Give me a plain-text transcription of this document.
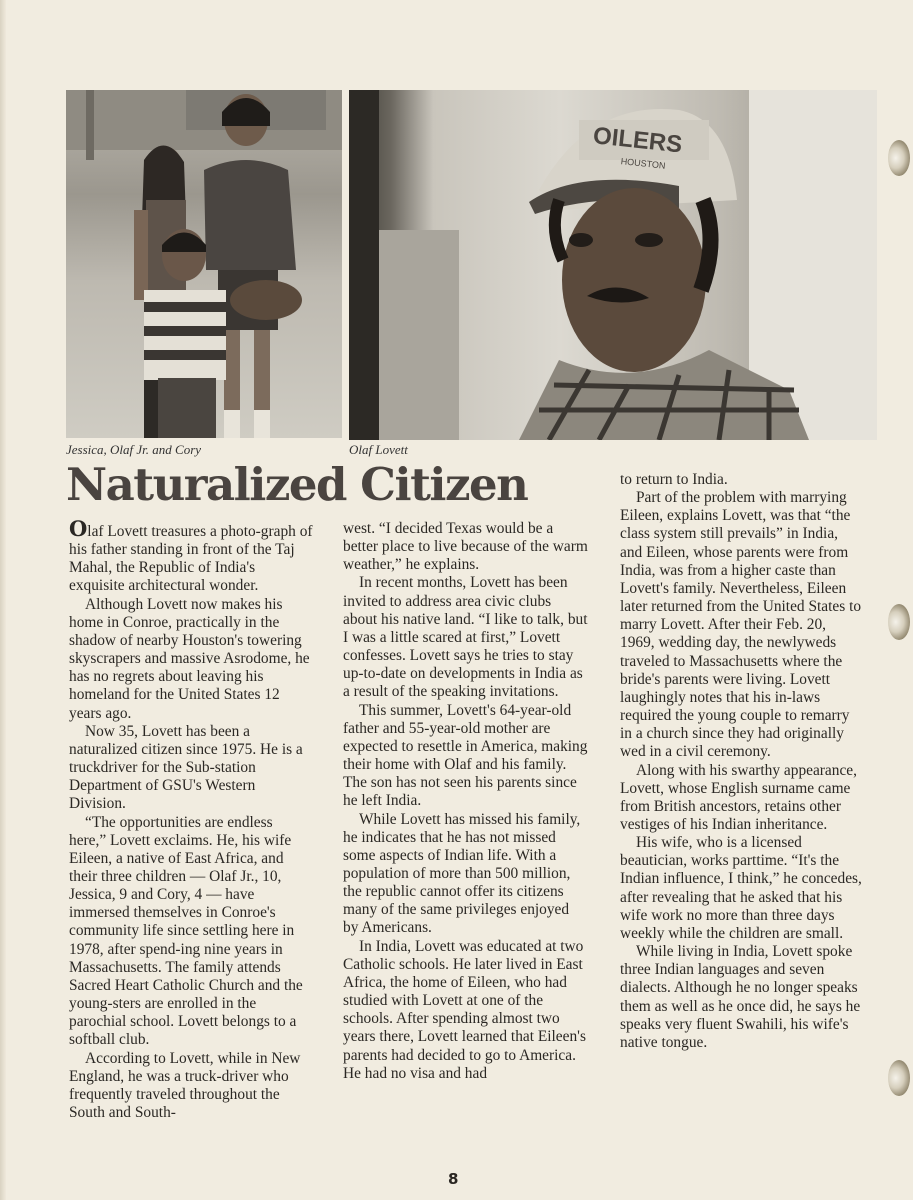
OILERS
HOUSTON
Jessica, Olaf Jr. and Cory	Olaf Lovett
Naturalized Citizen

Olaf Lovett treasures a photo-graph of his father standing in front of the Taj Mahal, the Republic of India's exquisite architectural wonder.

Although Lovett now makes his home in Conroe, practically in the shadow of nearby Houston's towering skyscrapers and massive Asrodome, he has no regrets about leaving his homeland for the United States 12 years ago.

Now 35, Lovett has been a naturalized citizen since 1975. He is a truckdriver for the Sub-station Department of GSU's Western Division.

“The opportunities are endless here,” Lovett exclaims. He, his wife Eileen, a native of East Africa, and their three children — Olaf Jr., 10, Jessica, 9 and Cory, 4 — have immersed themselves in Conroe's community life since settling here in 1978, after spend-ing nine years in Massachusetts. The family attends Sacred Heart Catholic Church and the young-sters are enrolled in the parochial school. Lovett belongs to a softball club.

According to Lovett, while in New England, he was a truck-driver who frequently traveled throughout the South and South-

west. “I decided Texas would be a better place to live because of the warm weather,” he explains.

In recent months, Lovett has been invited to address area civic clubs about his native land. “I like to talk, but I was a little scared at first,” Lovett confesses. Lovett says he tries to stay up-to-date on developments in India as a result of the speaking invitations.

This summer, Lovett's 64-year-old father and 55-year-old mother are expected to resettle in America, making their home with Olaf and his family. The son has not seen his parents since he left India.

While Lovett has missed his family, he indicates that he has not missed some aspects of Indian life. With a population of more than 500 million, the republic cannot offer its citizens many of the same privileges enjoyed by Americans.

In India, Lovett was educated at two Catholic schools. He later lived in East Africa, the home of Eileen, who had studied with Lovett at one of the schools. After spending almost two years there, Lovett learned that Eileen's parents had decided to go to America. He had no visa and had

to return to India.

Part of the problem with marrying Eileen, explains Lovett, was that “the class system still prevails” in India, and Eileen, whose parents were from India, was from a higher caste than Lovett's family. Nevertheless, Eileen later returned from the United States to marry Lovett. After their Feb. 20, 1969, wedding day, the newlyweds traveled to Massachusetts where the bride's parents were living. Lovett laughingly notes that his in-laws required the young couple to remarry in a church since they had originally wed in a civil ceremony.

Along with his swarthy appearance, Lovett, whose English surname came from British ancestors, retains other vestiges of his Indian inheritance.

His wife, who is a licensed beautician, works parttime. “It's the Indian influence, I think,” he concedes, after revealing that he asked that his wife work no more than three days weekly while the children are small.

While living in India, Lovett spoke three Indian languages and seven dialects. Although he no longer speaks them as well as he once did, he says he speaks very fluent Swahili, his wife's native tongue.

8
